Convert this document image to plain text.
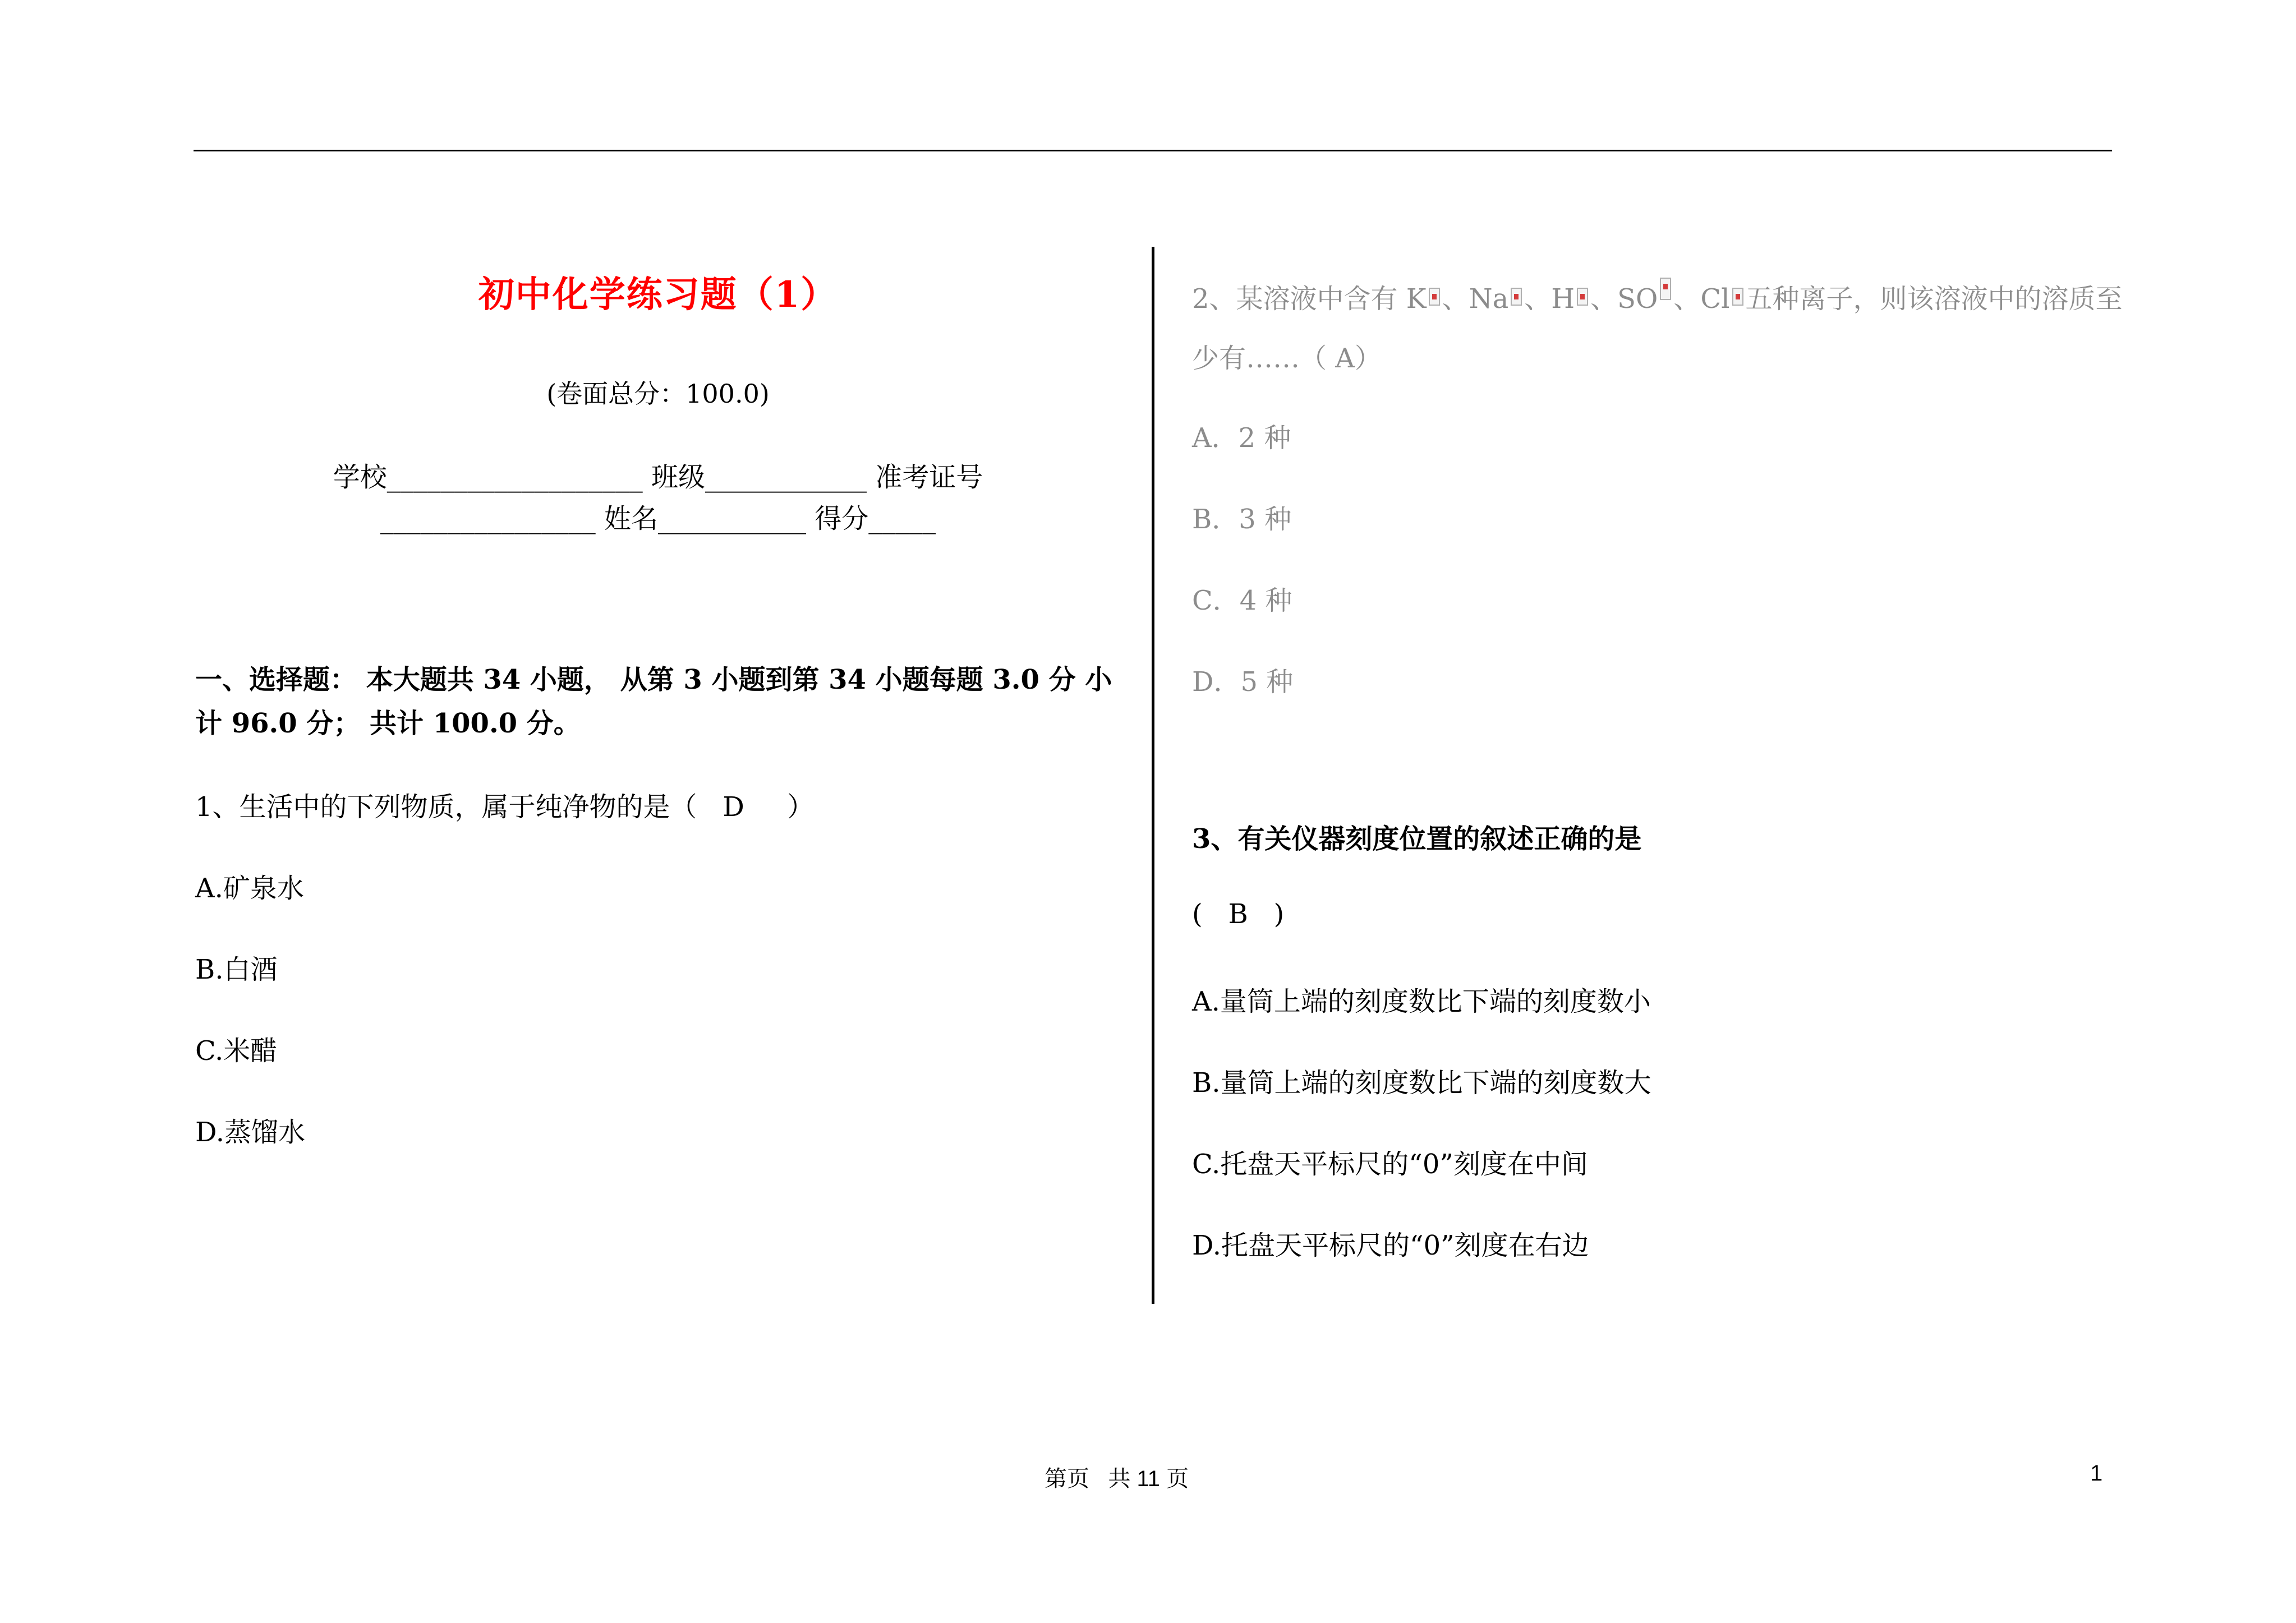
初中化学练习题（1）
(卷面总分：100.0)
学校___________________ 班级____________ 准考证号
________________ 姓名___________ 得分_____
一、选择题： 本大题共 34 小题， 从第 3 小题到第 34 小题每题 3.0 分 小计 96.0 分； 共计 100.0 分。
1、生活中的下列物质，属于纯净物的是（   D     ）
A.矿泉水
B.白酒
C.米醋
D.蒸馏水
2、某溶液中含有 K 、Na 、H 、SO 、Cl 五种离子，则该溶液中的溶质至少有……（ A）
A．2 种
B．3 种
C．4 种
D．5 种
3、有关仪器刻度位置的叙述正确的是
(   B   )
A.量筒上端的刻度数比下端的刻度数小
B.量筒上端的刻度数比下端的刻度数大
C.托盘天平标尺的“0”刻度在中间
D.托盘天平标尺的“0”刻度在右边
第页   共 11 页	1
